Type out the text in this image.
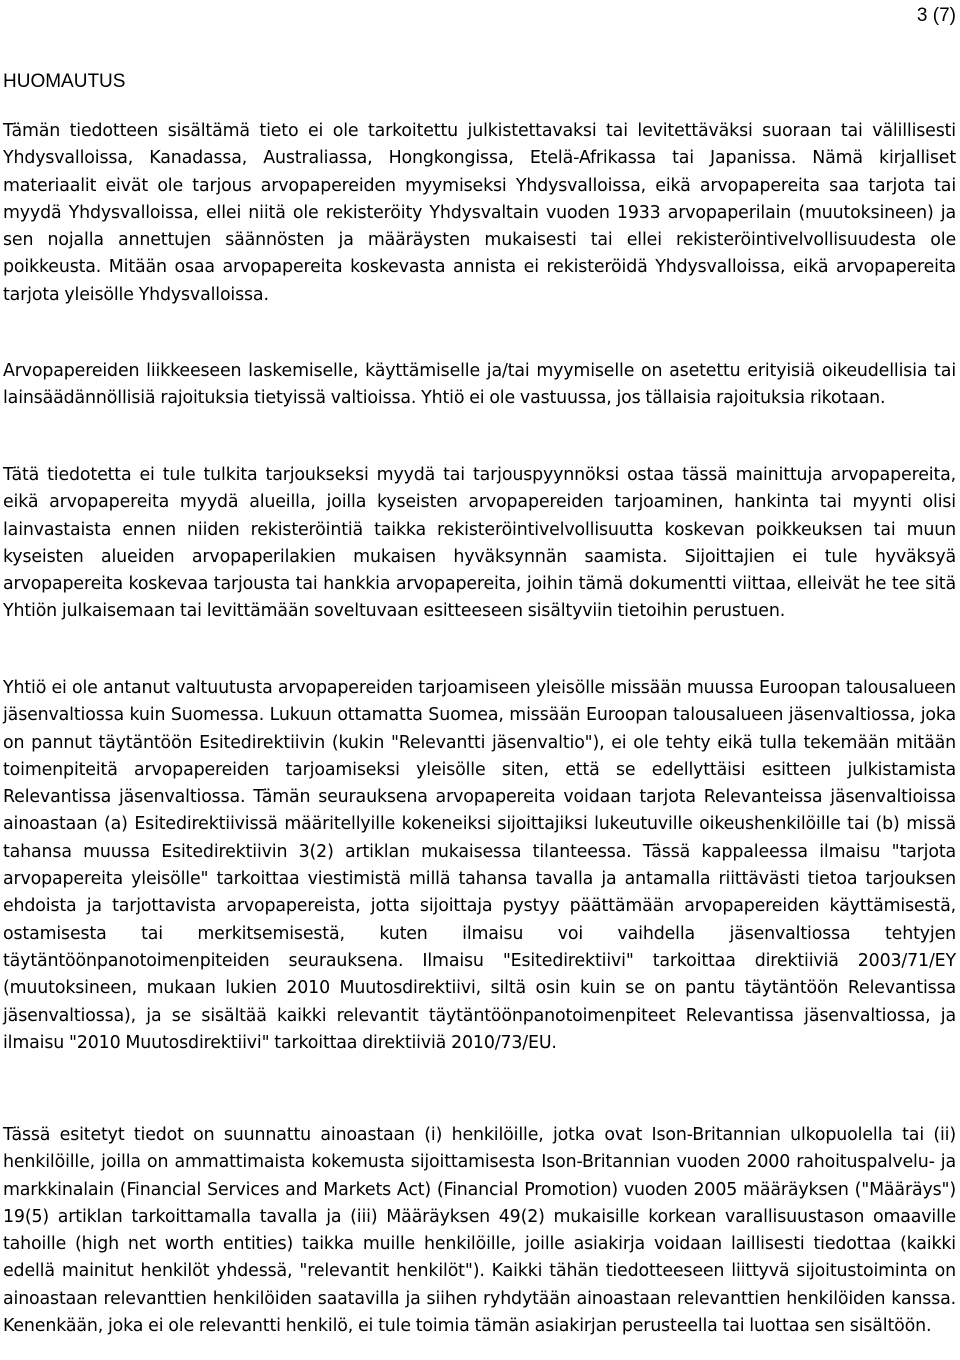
3 (7)
HUOMAUTUS

Tämän tiedotteen sisältämä tieto ei ole tarkoitettu julkistettavaksi tai levitettäväksi suoraan tai välillisesti Yhdysvalloissa, Kanadassa, Australiassa, Hongkongissa, Etelä-Afrikassa tai Japanissa. Nämä kirjalliset materiaalit eivät ole tarjous arvopapereiden myymiseksi Yhdysvalloissa, eikä arvopapereita saa tarjota tai myydä Yhdysvalloissa, ellei niitä ole rekisteröity Yhdysvaltain vuoden 1933 arvopaperilain (muutoksineen) ja sen nojalla annettujen säännösten ja määräysten mukaisesti tai ellei rekisteröintivelvollisuudesta ole poikkeusta. Mitään osaa arvopapereita koskevasta annista ei rekisteröidä Yhdysvalloissa, eikä arvopapereita tarjota yleisölle Yhdysvalloissa.

Arvopapereiden liikkeeseen laskemiselle, käyttämiselle ja/tai myymiselle on asetettu erityisiä oikeudellisia tai lainsäädännöllisiä rajoituksia tietyissä valtioissa. Yhtiö ei ole vastuussa, jos tällaisia rajoituksia rikotaan.

Tätä tiedotetta ei tule tulkita tarjoukseksi myydä tai tarjouspyynnöksi ostaa tässä mainittuja arvopapereita, eikä arvopapereita myydä alueilla, joilla kyseisten arvopapereiden tarjoaminen, hankinta tai myynti olisi lainvastaista ennen niiden rekisteröintiä taikka rekisteröintivelvollisuutta koskevan poikkeuksen tai muun kyseisten alueiden arvopaperilakien mukaisen hyväksynnän saamista. Sijoittajien ei tule hyväksyä arvopapereita koskevaa tarjousta tai hankkia arvopapereita, joihin tämä dokumentti viittaa, elleivät he tee sitä Yhtiön julkaisemaan tai levittämään soveltuvaan esitteeseen sisältyviin tietoihin perustuen.

Yhtiö ei ole antanut valtuutusta arvopapereiden tarjoamiseen yleisölle missään muussa Euroopan talousalueen jäsenvaltiossa kuin Suomessa. Lukuun ottamatta Suomea, missään Euroopan talousalueen jäsenvaltiossa, joka on pannut täytäntöön Esitedirektiivin (kukin "Relevantti jäsenvaltio"), ei ole tehty eikä tulla tekemään mitään toimenpiteitä arvopapereiden tarjoamiseksi yleisölle siten, että se edellyttäisi esitteen julkistamista Relevantissa jäsenvaltiossa. Tämän seurauksena arvopapereita voidaan tarjota Relevanteissa jäsenvaltioissa ainoastaan (a) Esitedirektiivissä määritellyille kokeneiksi sijoittajiksi lukeutuville oikeushenkilöille tai (b) missä tahansa muussa Esitedirektiivin 3(2) artiklan mukaisessa tilanteessa. Tässä kappaleessa ilmaisu "tarjota arvopapereita yleisölle" tarkoittaa viestimistä millä tahansa tavalla ja antamalla riittävästi tietoa tarjouksen ehdoista ja tarjottavista arvopapereista, jotta sijoittaja pystyy päättämään arvopapereiden käyttämisestä, ostamisesta tai merkitsemisestä, kuten ilmaisu voi vaihdella jäsenvaltiossa tehtyjen täytäntöönpanotoimenpiteiden seurauksena. Ilmaisu "Esitedirektiivi" tarkoittaa direktiiviä 2003/71/EY (muutoksineen, mukaan lukien 2010 Muutosdirektiivi, siltä osin kuin se on pantu täytäntöön Relevantissa jäsenvaltiossa), ja se sisältää kaikki relevantit täytäntöönpanotoimenpiteet Relevantissa jäsenvaltiossa, ja ilmaisu "2010 Muutosdirektiivi" tarkoittaa direktiiviä 2010/73/EU.

Tässä esitetyt tiedot on suunnattu ainoastaan (i) henkilöille, jotka ovat Ison-Britannian ulkopuolella tai (ii) henkilöille, joilla on ammattimaista kokemusta sijoittamisesta Ison-Britannian vuoden 2000 rahoituspalvelu- ja markkinalain (Financial Services and Markets Act) (Financial Promotion) vuoden 2005 määräyksen ("Määräys") 19(5) artiklan tarkoittamalla tavalla ja (iii) Määräyksen 49(2) mukaisille korkean varallisuustason omaaville tahoille (high net worth entities) taikka muille henkilöille, joille asiakirja voidaan laillisesti tiedottaa (kaikki edellä mainitut henkilöt yhdessä, "relevantit henkilöt"). Kaikki tähän tiedotteeseen liittyvä sijoitustoiminta on ainoastaan relevanttien henkilöiden saatavilla ja siihen ryhdytään ainoastaan relevanttien henkilöiden kanssa. Kenenkään, joka ei ole relevantti henkilö, ei tule toimia tämän asiakirjan perusteella tai luottaa sen sisältöön.
